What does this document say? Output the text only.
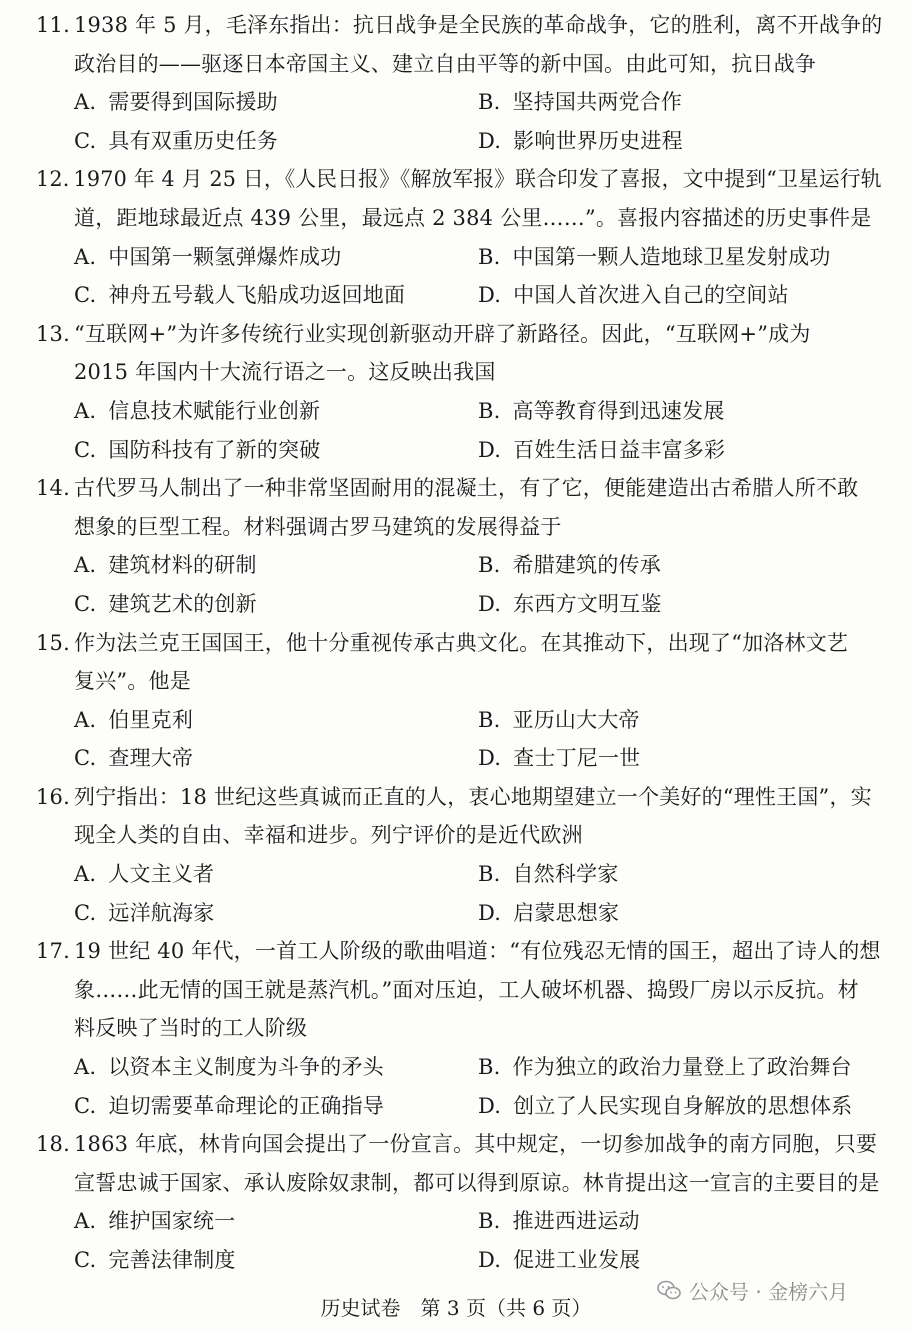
11. 1938 年 5 月，毛泽东指出：抗日战争是全民族的革命战争，它的胜利，离不开战争的
政治目的——驱逐日本帝国主义、建立自由平等的新中国。由此可知，抗日战争
A. 需要得到国际援助	B. 坚持国共两党合作
C. 具有双重历史任务	D. 影响世界历史进程
12. 1970 年 4 月 25 日，《人民日报》《解放军报》联合印发了喜报，文中提到“卫星运行轨
道，距地球最近点 439 公里，最远点 2 384 公里……”。喜报内容描述的历史事件是
A. 中国第一颗氢弹爆炸成功	B. 中国第一颗人造地球卫星发射成功
C. 神舟五号载人飞船成功返回地面	D. 中国人首次进入自己的空间站
13. “互联网+”为许多传统行业实现创新驱动开辟了新路径。因此，“互联网+”成为
2015 年国内十大流行语之一。这反映出我国
A. 信息技术赋能行业创新	B. 高等教育得到迅速发展
C. 国防科技有了新的突破	D. 百姓生活日益丰富多彩
14. 古代罗马人制出了一种非常坚固耐用的混凝土，有了它，便能建造出古希腊人所不敢
想象的巨型工程。材料强调古罗马建筑的发展得益于
A. 建筑材料的研制	B. 希腊建筑的传承
C. 建筑艺术的创新	D. 东西方文明互鉴
15. 作为法兰克王国国王，他十分重视传承古典文化。在其推动下，出现了“加洛林文艺
复兴”。他是
A. 伯里克利	B. 亚历山大大帝
C. 查理大帝	D. 查士丁尼一世
16. 列宁指出：18 世纪这些真诚而正直的人，衷心地期望建立一个美好的“理性王国”，实
现全人类的自由、幸福和进步。列宁评价的是近代欧洲
A. 人文主义者	B. 自然科学家
C. 远洋航海家	D. 启蒙思想家
17. 19 世纪 40 年代，一首工人阶级的歌曲唱道：“有位残忍无情的国王，超出了诗人的想
象……此无情的国王就是蒸汽机。”面对压迫，工人破坏机器、捣毁厂房以示反抗。材
料反映了当时的工人阶级
A. 以资本主义制度为斗争的矛头	B. 作为独立的政治力量登上了政治舞台
C. 迫切需要革命理论的正确指导	D. 创立了人民实现自身解放的思想体系
18. 1863 年底，林肯向国会提出了一份宣言。其中规定，一切参加战争的南方同胞，只要
宣誓忠诚于国家、承认废除奴隶制，都可以得到原谅。林肯提出这一宣言的主要目的是
A. 维护国家统一	B. 推进西进运动
C. 完善法律制度	D. 促进工业发展
历史试卷　第 3 页（共 6 页）
公众号 · 金榜六月
